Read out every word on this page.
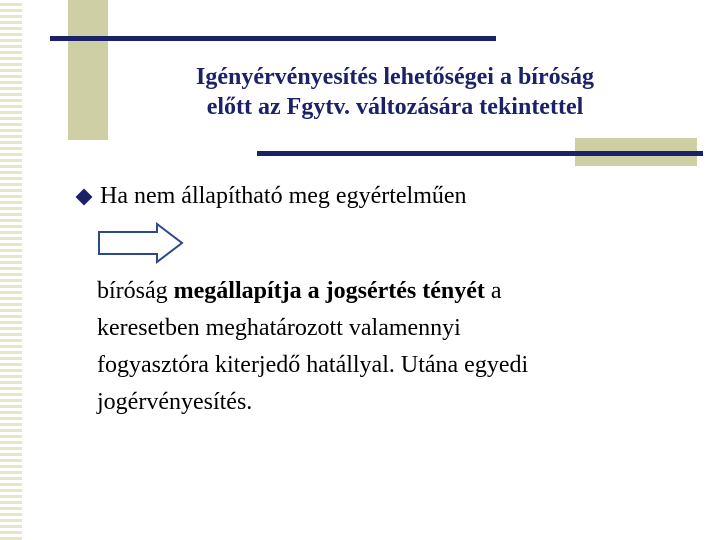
Igényérvényesítés lehetőségei a bíróság
előtt az Fgytv. változására tekintettel
Ha nem állapítható meg egyértelműen
bíróság megállapítja a jogsértés tényét a
keresetben meghatározott valamennyi
fogyasztóra kiterjedő hatállyal. Utána egyedi
jogérvényesítés.
